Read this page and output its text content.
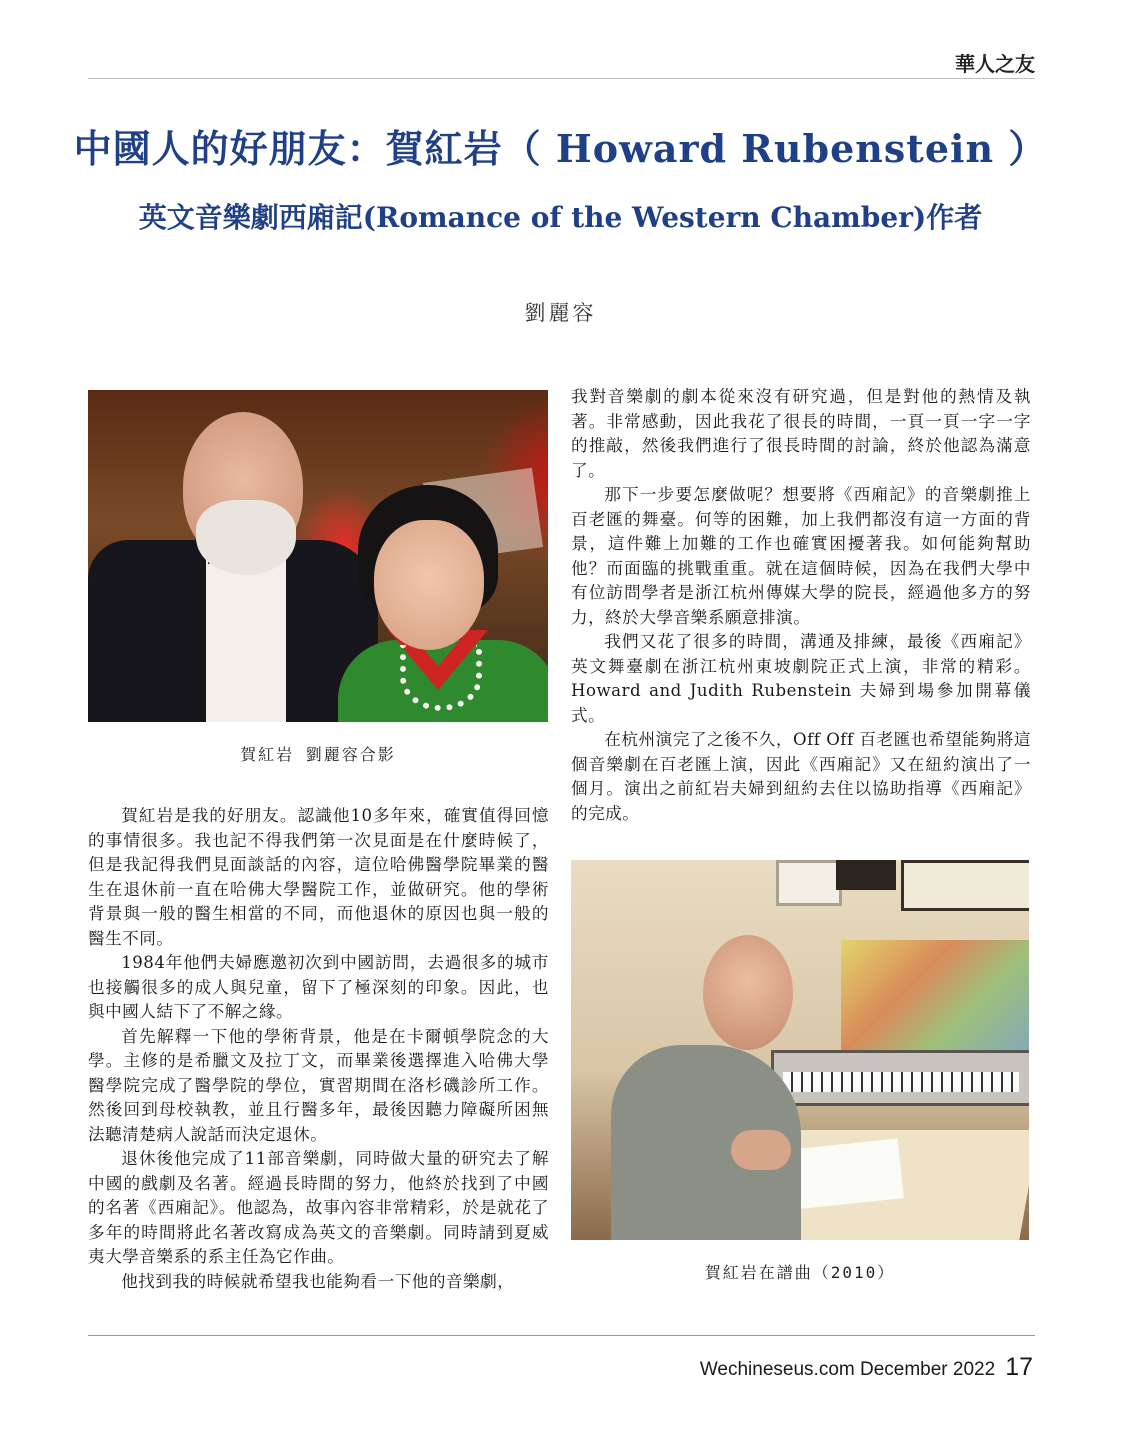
華人之友
中國人的好朋友：賀紅岩（ Howard Rubenstein ）
英文音樂劇西廂記(Romance of the Western Chamber)作者
劉麗容
賀紅岩 劉麗容合影

賀紅岩是我的好朋友。認識他10多年來，確實值得回憶的事情很多。我也記不得我們第一次見面是在什麼時候了，但是我記得我們見面談話的內容，這位哈佛醫學院畢業的醫生在退休前一直在哈佛大學醫院工作，並做研究。他的學術背景與一般的醫生相當的不同，而他退休的原因也與一般的醫生不同。

1984年他們夫婦應邀初次到中國訪問，去過很多的城市也接觸很多的成人與兒童，留下了極深刻的印象。因此，也與中國人結下了不解之緣。

首先解釋一下他的學術背景，他是在卡爾頓學院念的大學。主修的是希臘文及拉丁文，而畢業後選擇進入哈佛大學醫學院完成了醫學院的學位，實習期間在洛杉磯診所工作。然後回到母校執教，並且行醫多年，最後因聽力障礙所困無法聽清楚病人說話而決定退休。

退休後他完成了11部音樂劇，同時做大量的研究去了解中國的戲劇及名著。經過長時間的努力，他終於找到了中國的名著《西廂記》。他認為，故事內容非常精彩，於是就花了多年的時間將此名著改寫成為英文的音樂劇。同時請到夏威夷大學音樂系的系主任為它作曲。

他找到我的時候就希望我也能夠看一下他的音樂劇，

我對音樂劇的劇本從來沒有研究過，但是對他的熱情及執著。非常感動，因此我花了很長的時間，一頁一頁一字一字的推敲，然後我們進行了很長時間的討論，終於他認為滿意了。

那下一步要怎麼做呢？想要將《西廂記》的音樂劇推上百老匯的舞臺。何等的困難，加上我們都沒有這一方面的背景，這件難上加難的工作也確實困擾著我。如何能夠幫助他？而面臨的挑戰重重。就在這個時候，因為在我們大學中有位訪問學者是浙江杭州傳媒大學的院長，經過他多方的努力，終於大學音樂系願意排演。

我們又花了很多的時間，溝通及排練，最後《西廂記》英文舞臺劇在浙江杭州東坡劇院正式上演，非常的精彩。Howard and Judith Rubenstein 夫婦到場參加開幕儀式。

在杭州演完了之後不久，Off Off 百老匯也希望能夠將這個音樂劇在百老匯上演，因此《西廂記》又在紐約演出了一個月。演出之前紅岩夫婦到紐約去住以協助指導《西廂記》的完成。

賀紅岩在譜曲（2010）
Wechineseus.com December 2022 17
